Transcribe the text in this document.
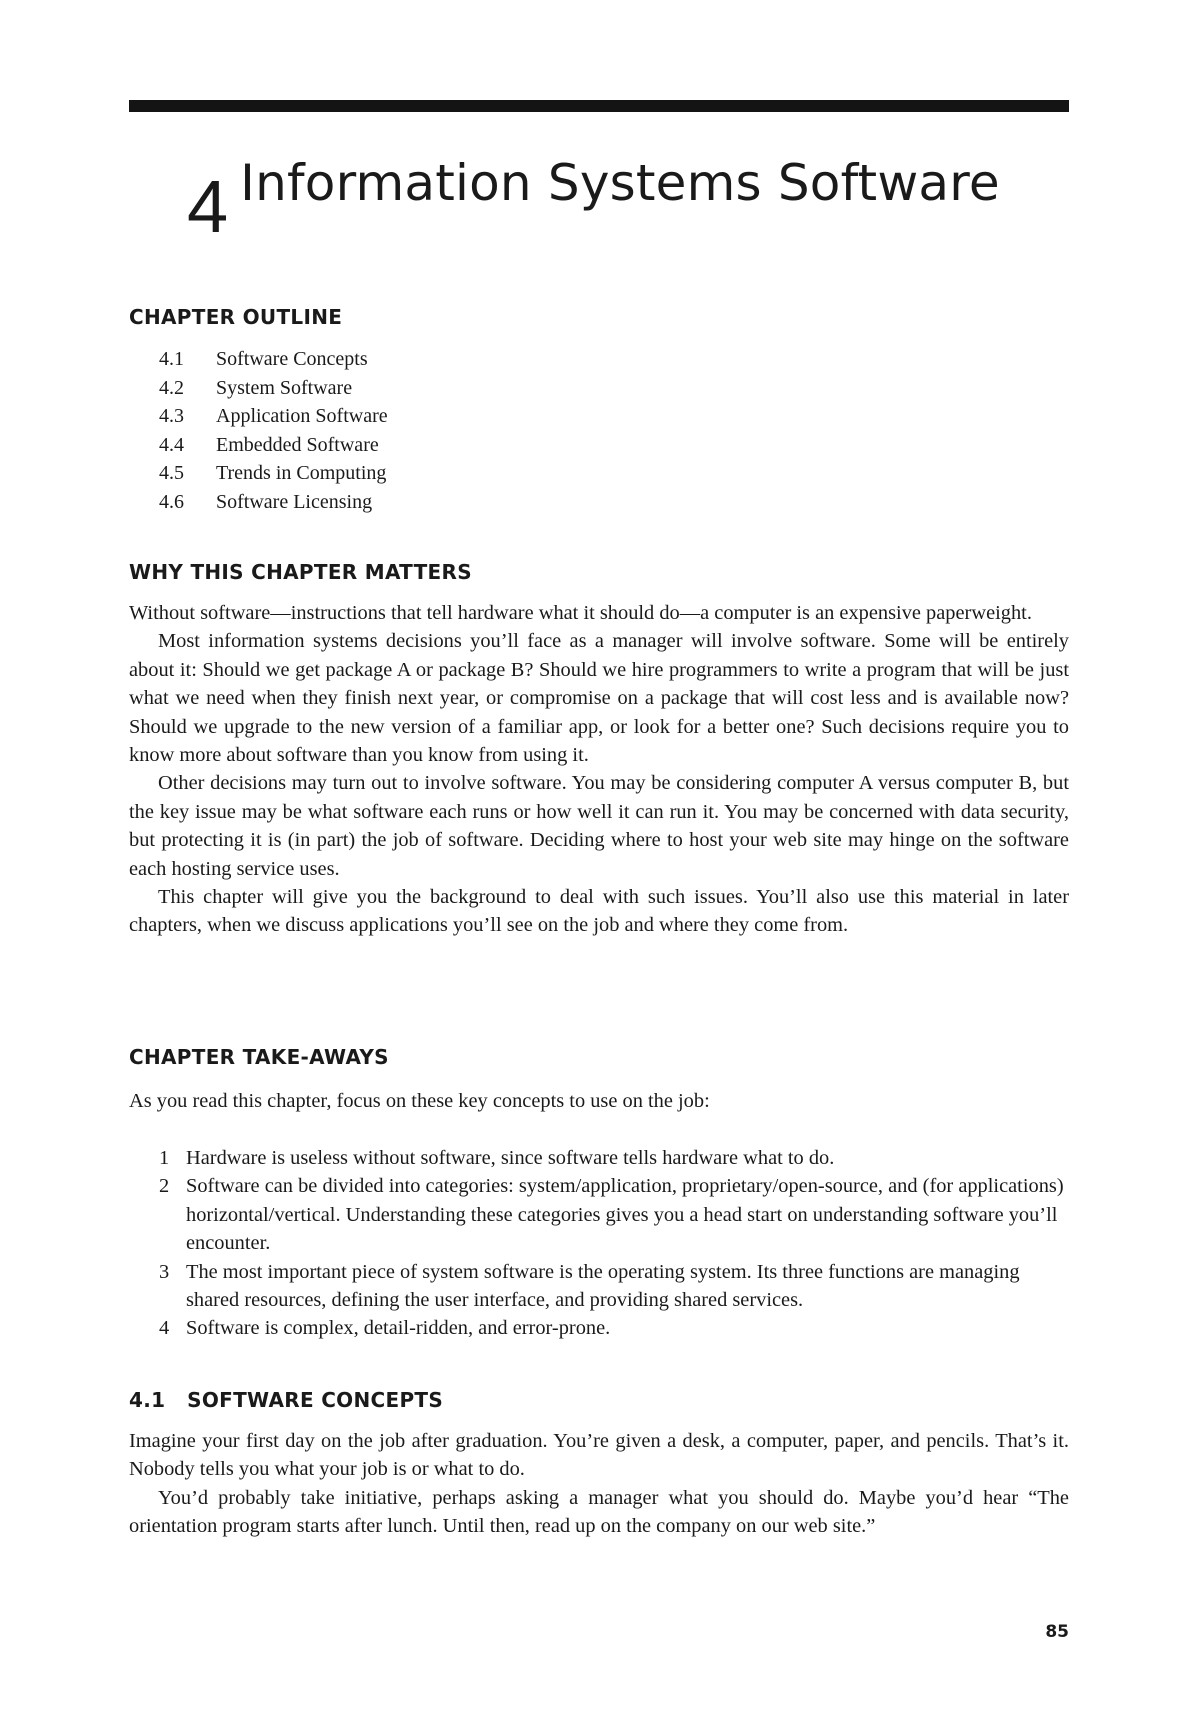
4 Information Systems Software
CHAPTER OUTLINE
4.1	Software Concepts
4.2	System Software
4.3	Application Software
4.4	Embedded Software
4.5	Trends in Computing
4.6	Software Licensing
WHY THIS CHAPTER MATTERS

Without software—instructions that tell hardware what it should do—a computer is an expensive paperweight.

Most information systems decisions you’ll face as a manager will involve software. Some will be entirely about it: Should we get package A or package B? Should we hire programmers to write a program that will be just what we need when they finish next year, or compromise on a package that will cost less and is available now? Should we upgrade to the new version of a familiar app, or look for a better one? Such decisions require you to know more about software than you know from using it.

Other decisions may turn out to involve software. You may be considering computer A versus computer B, but the key issue may be what software each runs or how well it can run it. You may be concerned with data security, but protecting it is (in part) the job of software. Deciding where to host your web site may hinge on the software each hosting service uses.

This chapter will give you the background to deal with such issues. You’ll also use this material in later chapters, when we discuss applications you’ll see on the job and where they come from.

CHAPTER TAKE-AWAYS

As you read this chapter, focus on these key concepts to use on the job:

1 Hardware is useless without software, since software tells hardware what to do.
2 Software can be divided into categories: system/application, proprietary/open-source, and (for applications) horizontal/vertical. Understanding these categories gives you a head start on understanding software you’ll encounter.
3 The most important piece of system software is the operating system. Its three functions are managing shared resources, defining the user interface, and providing shared services.
4 Software is complex, detail-ridden, and error-prone.
4.1   SOFTWARE CONCEPTS

Imagine your first day on the job after graduation. You’re given a desk, a computer, paper, and pencils. That’s it. Nobody tells you what your job is or what to do.

You’d probably take initiative, perhaps asking a manager what you should do. Maybe you’d hear “The orientation program starts after lunch. Until then, read up on the company on our web site.”

85
